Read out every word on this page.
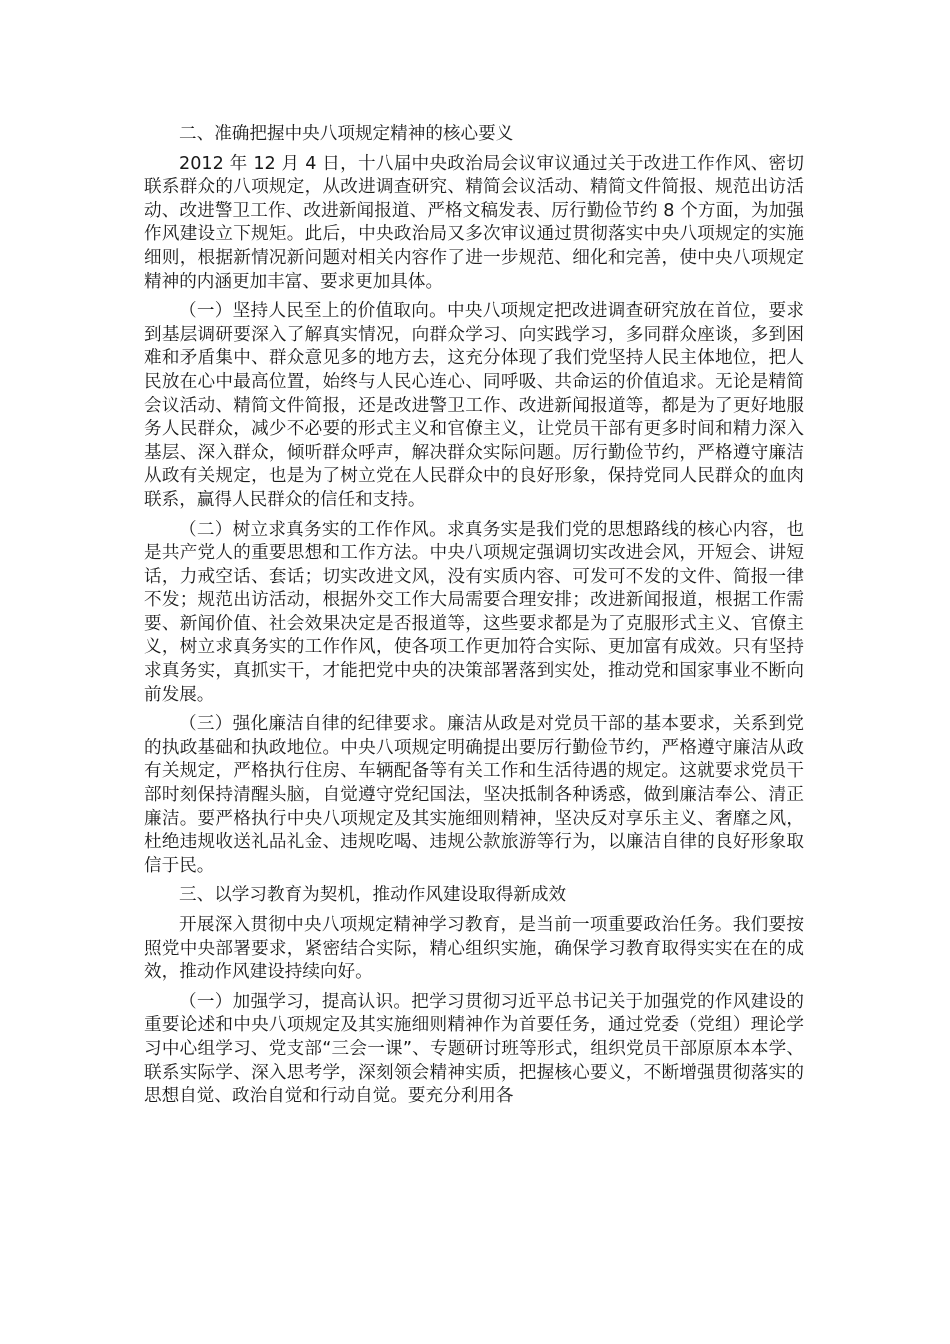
二、准确把握中央八项规定精神的核心要义

2012 年 12 月 4 日，十八届中央政治局会议审议通过关于改进工作作风、密切联系群众的八项规定，从改进调查研究、精简会议活动、精简文件简报、规范出访活动、改进警卫工作、改进新闻报道、严格文稿发表、厉行勤俭节约 8 个方面，为加强作风建设立下规矩。此后，中央政治局又多次审议通过贯彻落实中央八项规定的实施细则，根据新情况新问题对相关内容作了进一步规范、细化和完善，使中央八项规定精神的内涵更加丰富、要求更加具体。

（一）坚持人民至上的价值取向。中央八项规定把改进调查研究放在首位，要求到基层调研要深入了解真实情况，向群众学习、向实践学习，多同群众座谈，多到困难和矛盾集中、群众意见多的地方去，这充分体现了我们党坚持人民主体地位，把人民放在心中最高位置，始终与人民心连心、同呼吸、共命运的价值追求。无论是精简会议活动、精简文件简报，还是改进警卫工作、改进新闻报道等，都是为了更好地服务人民群众，减少不必要的形式主义和官僚主义，让党员干部有更多时间和精力深入基层、深入群众，倾听群众呼声，解决群众实际问题。厉行勤俭节约，严格遵守廉洁从政有关规定，也是为了树立党在人民群众中的良好形象，保持党同人民群众的血肉联系，赢得人民群众的信任和支持。

（二）树立求真务实的工作作风。求真务实是我们党的思想路线的核心内容，也是共产党人的重要思想和工作方法。中央八项规定强调切实改进会风，开短会、讲短话，力戒空话、套话；切实改进文风，没有实质内容、可发可不发的文件、简报一律不发；规范出访活动，根据外交工作大局需要合理安排；改进新闻报道，根据工作需要、新闻价值、社会效果决定是否报道等，这些要求都是为了克服形式主义、官僚主义，树立求真务实的工作作风，使各项工作更加符合实际、更加富有成效。只有坚持求真务实，真抓实干，才能把党中央的决策部署落到实处，推动党和国家事业不断向前发展。

（三）强化廉洁自律的纪律要求。廉洁从政是对党员干部的基本要求，关系到党的执政基础和执政地位。中央八项规定明确提出要厉行勤俭节约，严格遵守廉洁从政有关规定，严格执行住房、车辆配备等有关工作和生活待遇的规定。这就要求党员干部时刻保持清醒头脑，自觉遵守党纪国法，坚决抵制各种诱惑，做到廉洁奉公、清正廉洁。要严格执行中央八项规定及其实施细则精神，坚决反对享乐主义、奢靡之风，杜绝违规收送礼品礼金、违规吃喝、违规公款旅游等行为，以廉洁自律的良好形象取信于民。

三、以学习教育为契机，推动作风建设取得新成效

开展深入贯彻中央八项规定精神学习教育，是当前一项重要政治任务。我们要按照党中央部署要求，紧密结合实际，精心组织实施，确保学习教育取得实实在在的成效，推动作风建设持续向好。

（一）加强学习，提高认识。把学习贯彻习近平总书记关于加强党的作风建设的重要论述和中央八项规定及其实施细则精神作为首要任务，通过党委（党组）理论学习中心组学习、党支部“三会一课”、专题研讨班等形式，组织党员干部原原本本学、联系实际学、深入思考学，深刻领会精神实质，把握核心要义，不断增强贯彻落实的思想自觉、政治自觉和行动自觉。要充分利用各
